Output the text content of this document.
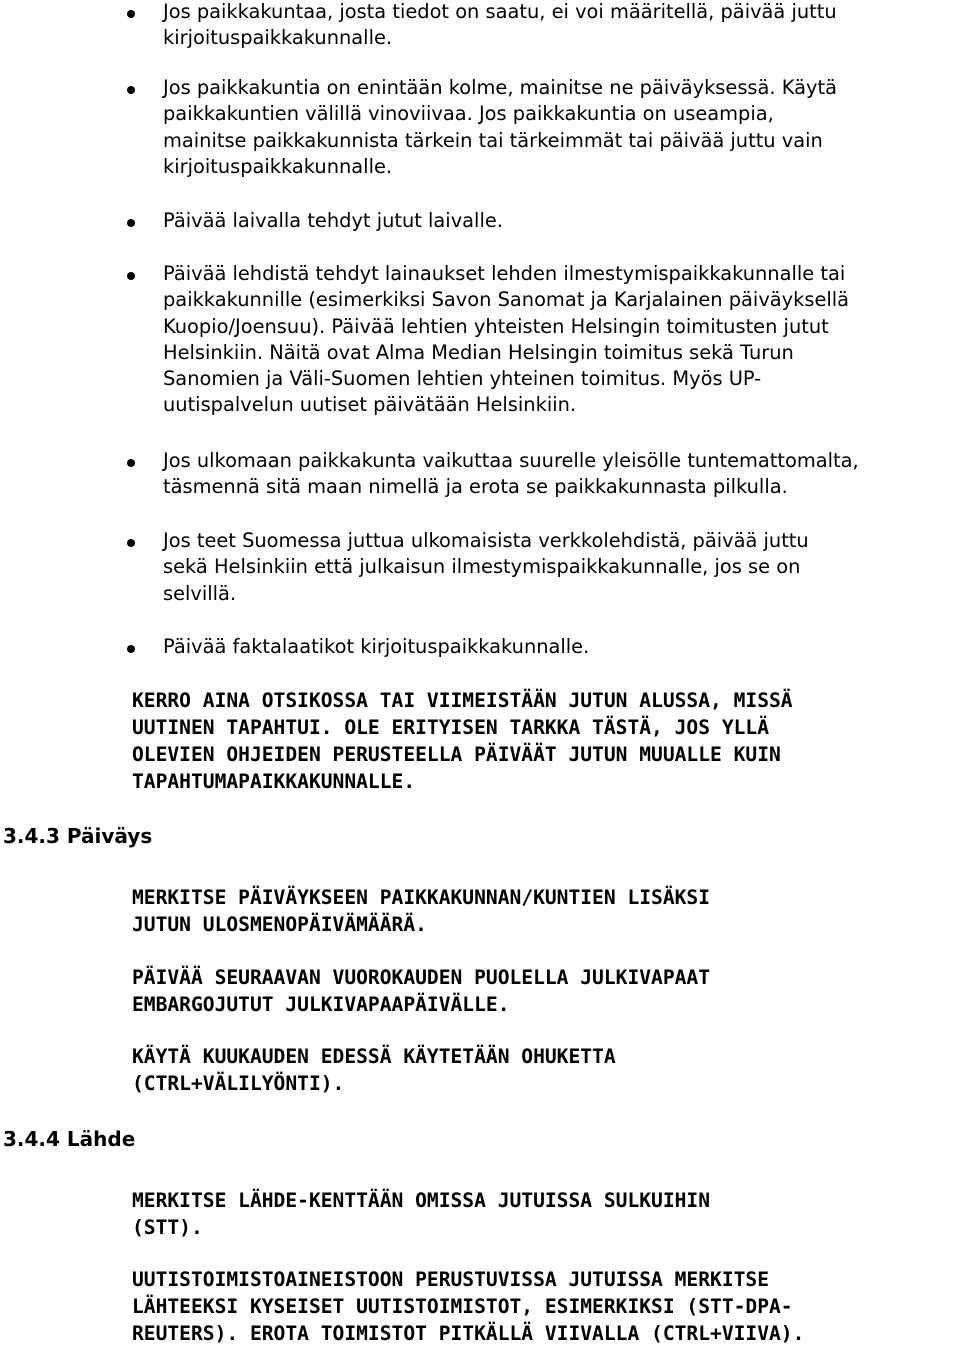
Jos paikkakuntaa, josta tiedot on saatu, ei voi määritellä, päivää juttu
kirjoituspaikkakunnalle.

Jos paikkakuntia on enintään kolme, mainitse ne päiväyksessä. Käytä
paikkakuntien välillä vinoviivaa. Jos paikkakuntia on useampia,
mainitse paikkakunnista tärkein tai tärkeimmät tai päivää juttu vain
kirjoituspaikkakunnalle.

Päivää laivalla tehdyt jutut laivalle.

Päivää lehdistä tehdyt lainaukset lehden ilmestymispaikkakunnalle tai
paikkakunnille (esimerkiksi Savon Sanomat ja Karjalainen päiväyksellä
Kuopio/Joensuu). Päivää lehtien yhteisten Helsingin toimitusten jutut
Helsinkiin. Näitä ovat Alma Median Helsingin toimitus sekä Turun
Sanomien ja Väli-Suomen lehtien yhteinen toimitus. Myös UP-
uutispalvelun uutiset päivätään Helsinkiin.

Jos ulkomaan paikkakunta vaikuttaa suurelle yleisölle tuntemattomalta,
täsmennä sitä maan nimellä ja erota se paikkakunnasta pilkulla.

Jos teet Suomessa juttua ulkomaisista verkkolehdistä, päivää juttu
sekä Helsinkiin että julkaisun ilmestymispaikkakunnalle, jos se on
selvillä.

Päivää faktalaatikot kirjoituspaikkakunnalle.

KERRO AINA OTSIKOSSA TAI VIIMEISTÄÄN JUTUN ALUSSA, MISSÄ
UUTINEN TAPAHTUI. OLE ERITYISEN TARKKA TÄSTÄ, JOS YLLÄ
OLEVIEN OHJEIDEN PERUSTEELLA PÄIVÄÄT JUTUN MUUALLE KUIN
TAPAHTUMAPAIKKAKUNNALLE.

3.4.3 Päiväys

MERKITSE PÄIVÄYKSEEN PAIKKAKUNNAN/KUNTIEN LISÄKSI
JUTUN ULOSMENOPÄIVÄMÄÄRÄ.

PÄIVÄÄ SEURAAVAN VUOROKAUDEN PUOLELLA JULKIVAPAAT
EMBARGOJUTUT JULKIVAPAAPÄIVÄLLE.

KÄYTÄ KUUKAUDEN EDESSÄ KÄYTETÄÄN OHUKETTA
(CTRL+VÄLILYÖNTI).

3.4.4 Lähde

MERKITSE LÄHDE-KENTTÄÄN OMISSA JUTUISSA SULKUIHIN
(STT).

UUTISTOIMISTOAINEISTOON PERUSTUVISSA JUTUISSA MERKITSE
LÄHTEEKSI KYSEISET UUTISTOIMISTOT, ESIMERKIKSI (STT-DPA-
REUTERS). EROTA TOIMISTOT PITKÄLLÄ VIIVALLA (CTRL+VIIVA).
